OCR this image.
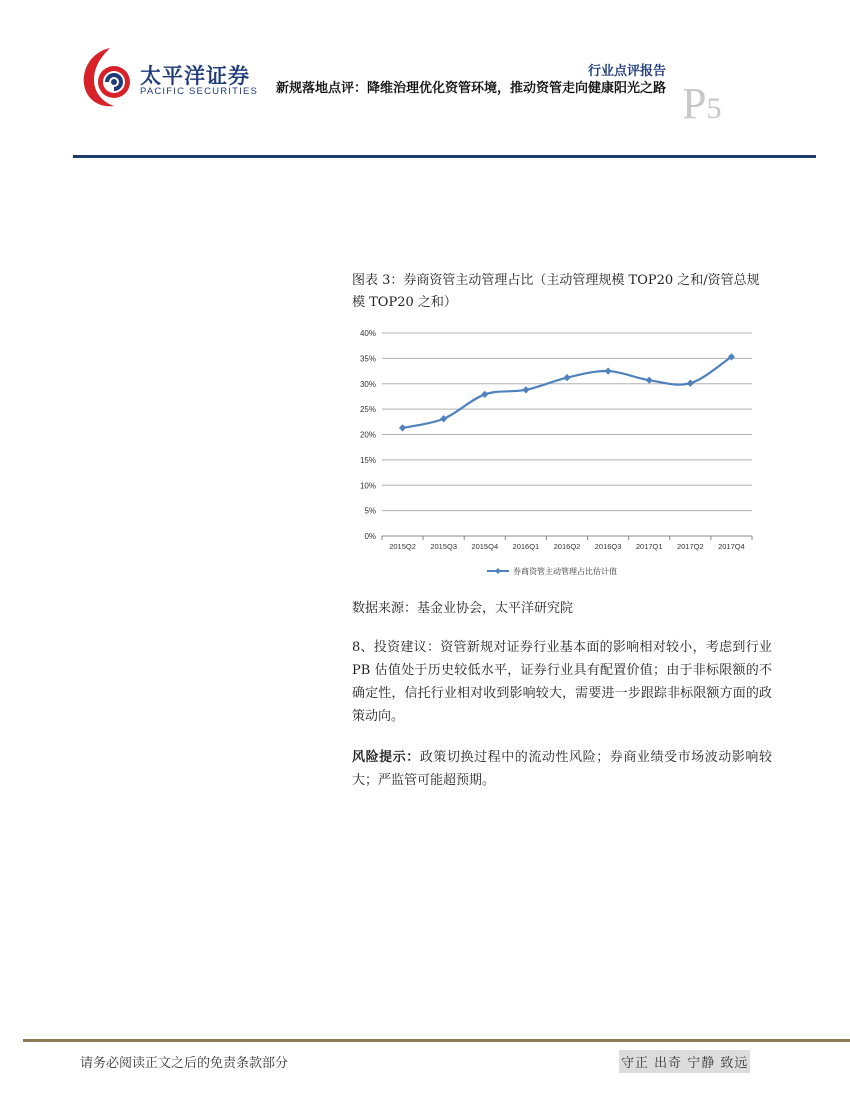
太平洋证券
PACIFIC SECURITIES
行业点评报告
新规落地点评：降维治理优化资管环境，推动资管走向健康阳光之路 P5
图表 3：券商资管主动管理占比（主动管理规模 TOP20 之和/资管总规模 TOP20 之和）
0%
5%
10%
15%
20%
25%
30%
35%
40%
2015Q2 2015Q3 2015Q4 2016Q1 2016Q2 2016Q3 2017Q1 2017Q2 2017Q4
券商资管主动管理占比估计值
数据来源：基金业协会，太平洋研究院
8、投资建议：资管新规对证券行业基本面的影响相对较小，考虑到行业 PB 估值处于历史较低水平，证券行业具有配置价值；由于非标限额的不确定性，信托行业相对收到影响较大，需要进一步跟踪非标限额方面的政策动向。
风险提示：政策切换过程中的流动性风险；券商业绩受市场波动影响较大；严监管可能超预期。
请务必阅读正文之后的免责条款部分	守正 出奇 宁静 致远
